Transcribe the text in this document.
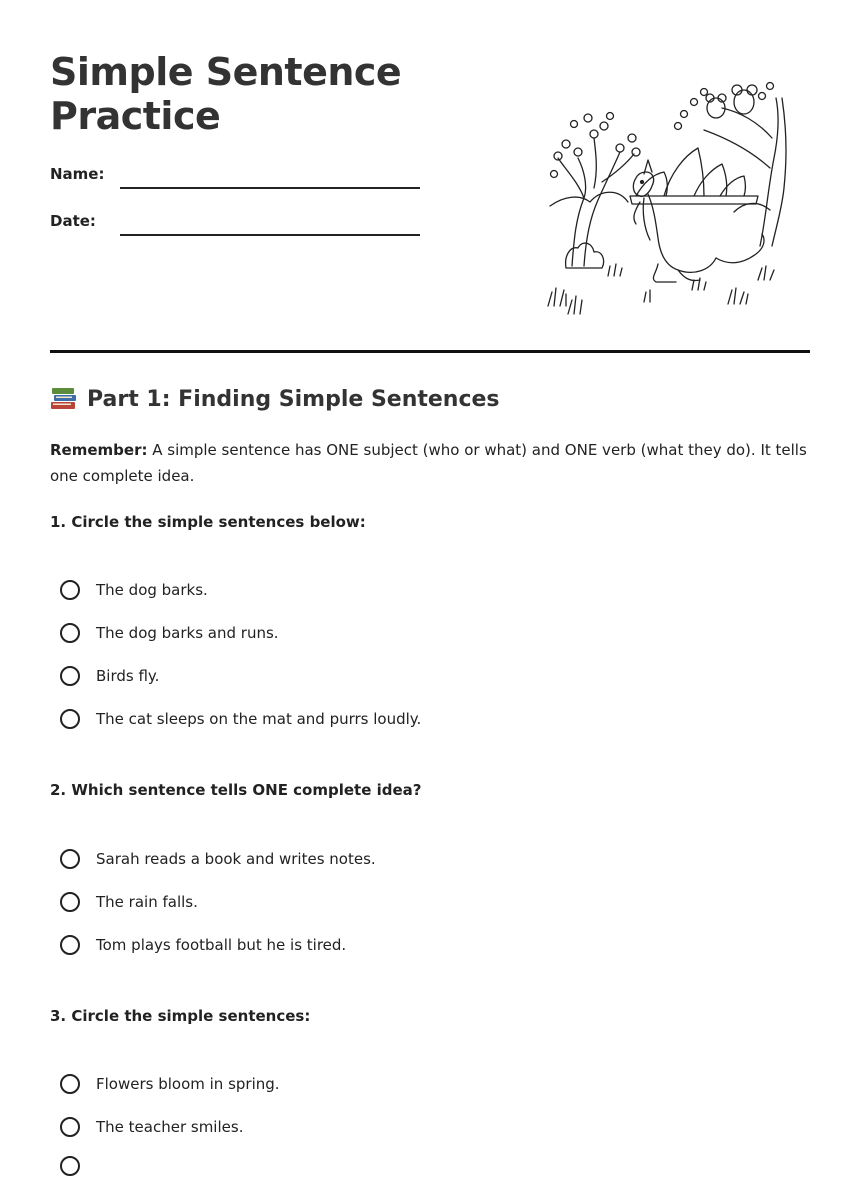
Simple Sentence
Practice
Name:
Date:
Part 1: Finding Simple Sentences
Remember: A simple sentence has ONE subject (who or what) and ONE verb (what they do). It tells one complete idea.
1. Circle the simple sentences below:
The dog barks.
The dog barks and runs.
Birds fly.
The cat sleeps on the mat and purrs loudly.
2. Which sentence tells ONE complete idea?
Sarah reads a book and writes notes.
The rain falls.
Tom plays football but he is tired.
3. Circle the simple sentences:
Flowers bloom in spring.
The teacher smiles.
